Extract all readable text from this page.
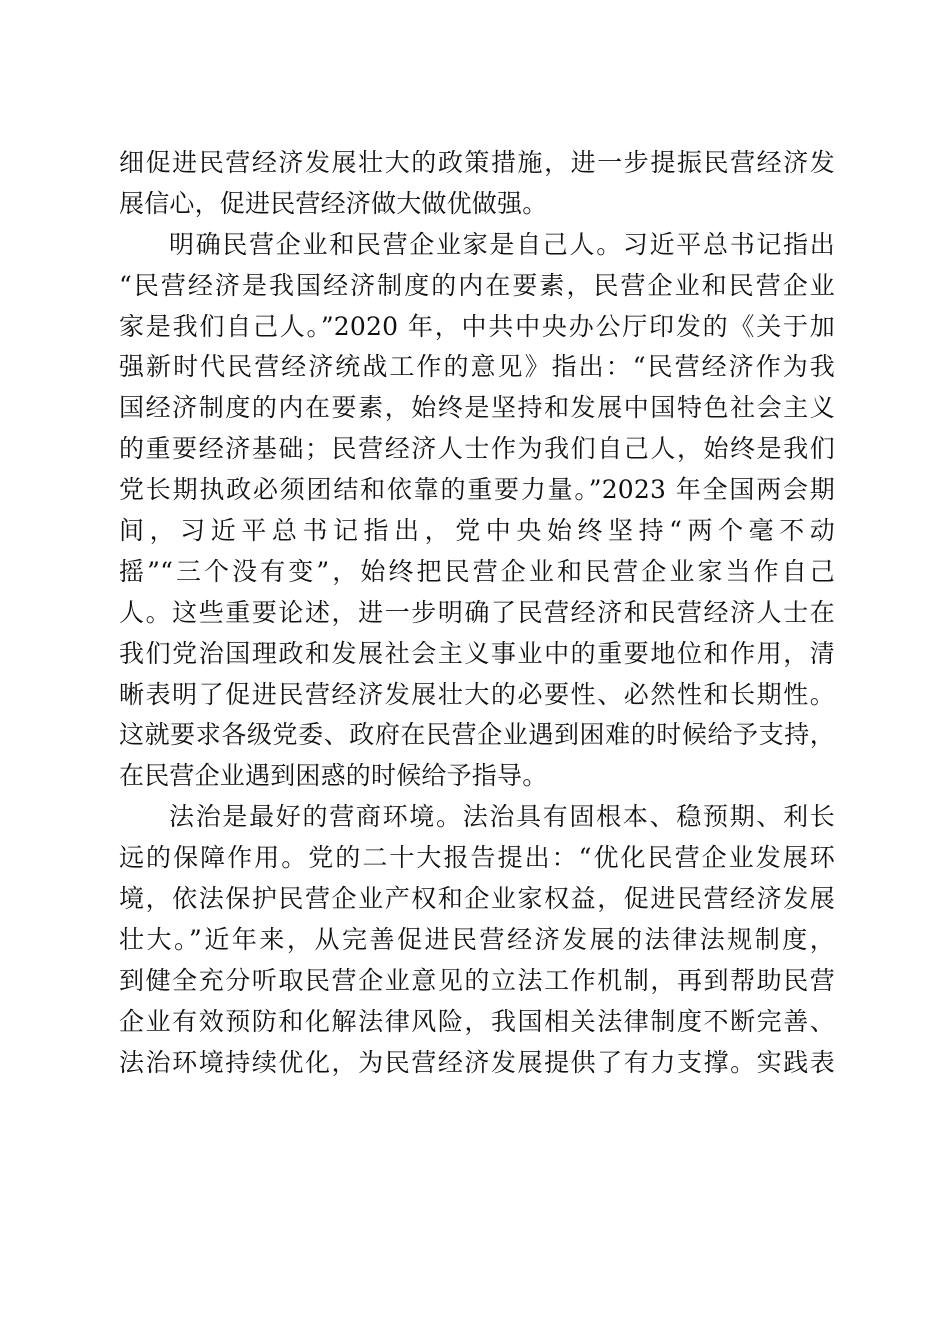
细促进民营经济发展壮大的政策措施，进一步提振民营经济发
展信心，促进民营经济做大做优做强。
明确民营企业和民营企业家是自己人。习近平总书记指出
“民营经济是我国经济制度的内在要素，民营企业和民营企业
家是我们自己人。”2020 年，中共中央办公厅印发的《关于加
强新时代民营经济统战工作的意见》指出：“民营经济作为我
国经济制度的内在要素，始终是坚持和发展中国特色社会主义
的重要经济基础；民营经济人士作为我们自己人，始终是我们
党长期执政必须团结和依靠的重要力量。”2023 年全国两会期
间，习近平总书记指出，党中央始终坚持“两个毫不动
摇”“三个没有变”，始终把民营企业和民营企业家当作自己
人。这些重要论述，进一步明确了民营经济和民营经济人士在
我们党治国理政和发展社会主义事业中的重要地位和作用，清
晰表明了促进民营经济发展壮大的必要性、必然性和长期性。
这就要求各级党委、政府在民营企业遇到困难的时候给予支持，
在民营企业遇到困惑的时候给予指导。
法治是最好的营商环境。法治具有固根本、稳预期、利长
远的保障作用。党的二十大报告提出：“优化民营企业发展环
境，依法保护民营企业产权和企业家权益，促进民营经济发展
壮大。”近年来，从完善促进民营经济发展的法律法规制度，
到健全充分听取民营企业意见的立法工作机制，再到帮助民营
企业有效预防和化解法律风险，我国相关法律制度不断完善、
法治环境持续优化，为民营经济发展提供了有力支撑。实践表
